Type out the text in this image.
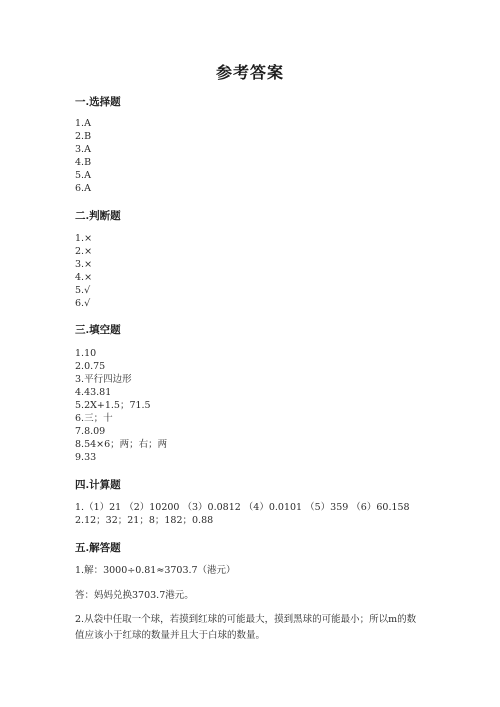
参考答案
一.选择题
1.A
2.B
3.A
4.B
5.A
6.A
二.判断题
1.×
2.×
3.×
4.×
5.√
6.√
三.填空题
1.10
2.0.75
3.平行四边形
4.43.81
5.2X+1.5；71.5
6.三；十
7.8.09
8.54×6；两；右；两
9.33
四.计算题
1.（1）21 （2）10200 （3）0.0812 （4）0.0101 （5）359 （6）60.158
2.12；32；21；8；182；0.88
五.解答题
1.解：3000÷0.81≈3703.7（港元）
答：妈妈兑换3703.7港元。
2.从袋中任取一个球，若摸到红球的可能最大，摸到黑球的可能最小；所以m的数值应该小于红球的数量并且大于白球的数量。
